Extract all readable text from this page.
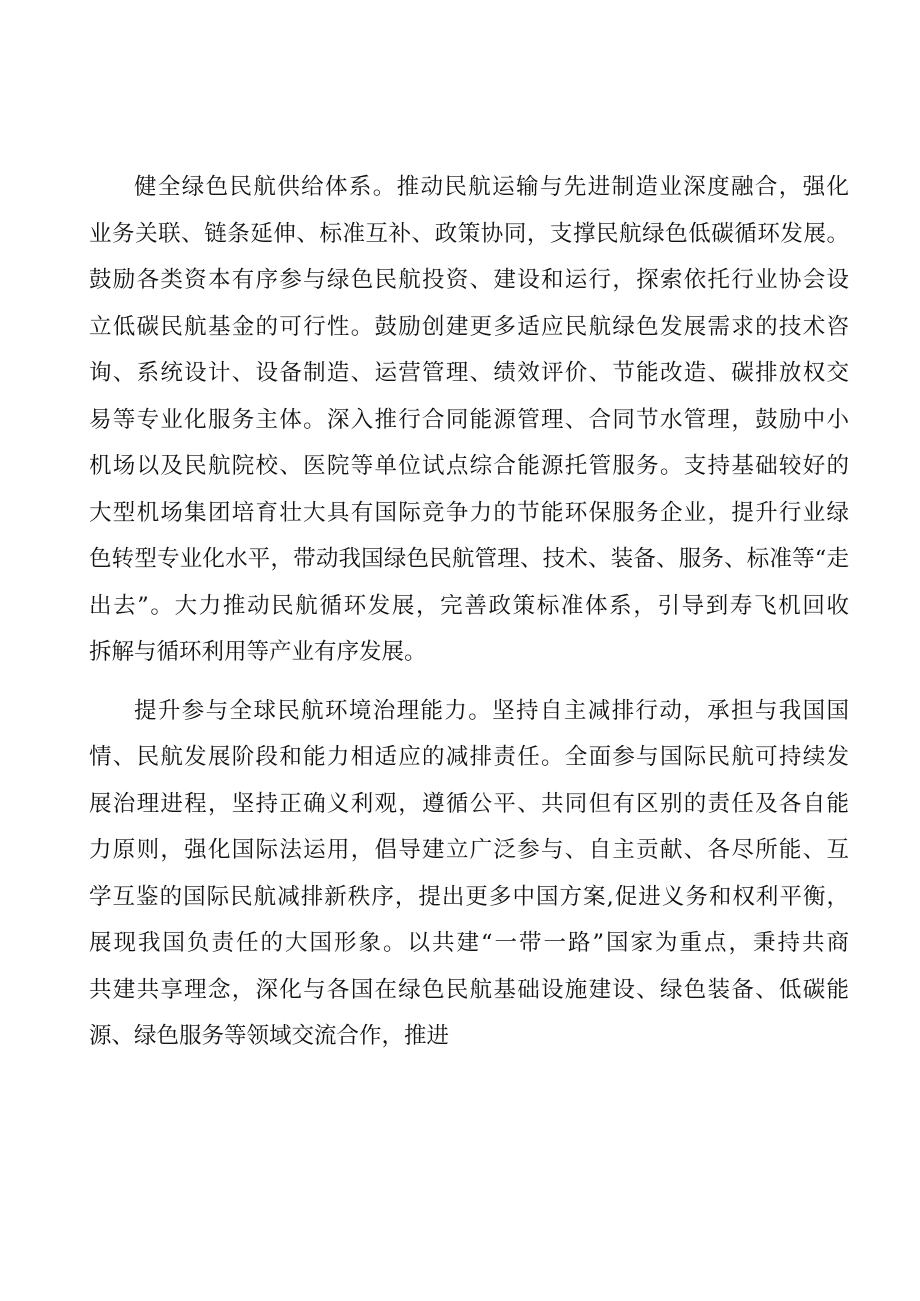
健全绿色民航供给体系。推动民航运输与先进制造业深度融合，强化
业务关联、链条延伸、标准互补、政策协同，支撑民航绿色低碳循环发展。
鼓励各类资本有序参与绿色民航投资、建设和运行，探索依托行业协会设
立低碳民航基金的可行性。鼓励创建更多适应民航绿色发展需求的技术咨
询、系统设计、设备制造、运营管理、绩效评价、节能改造、碳排放权交
易等专业化服务主体。深入推行合同能源管理、合同节水管理，鼓励中小
机场以及民航院校、医院等单位试点综合能源托管服务。支持基础较好的
大型机场集团培育壮大具有国际竞争力的节能环保服务企业，提升行业绿
色转型专业化水平，带动我国绿色民航管理、技术、装备、服务、标准等“走
出去”。大力推动民航循环发展，完善政策标准体系，引导到寿飞机回收
拆解与循环利用等产业有序发展。
提升参与全球民航环境治理能力。坚持自主减排行动，承担与我国国
情、民航发展阶段和能力相适应的减排责任。全面参与国际民航可持续发
展治理进程，坚持正确义利观，遵循公平、共同但有区别的责任及各自能
力原则，强化国际法运用，倡导建立广泛参与、自主贡献、各尽所能、互
学互鉴的国际民航减排新秩序，提出更多中国方案,促进义务和权利平衡，
展现我国负责任的大国形象。以共建“一带一路”国家为重点，秉持共商
共建共享理念，深化与各国在绿色民航基础设施建设、绿色装备、低碳能
源、绿色服务等领域交流合作，推进
